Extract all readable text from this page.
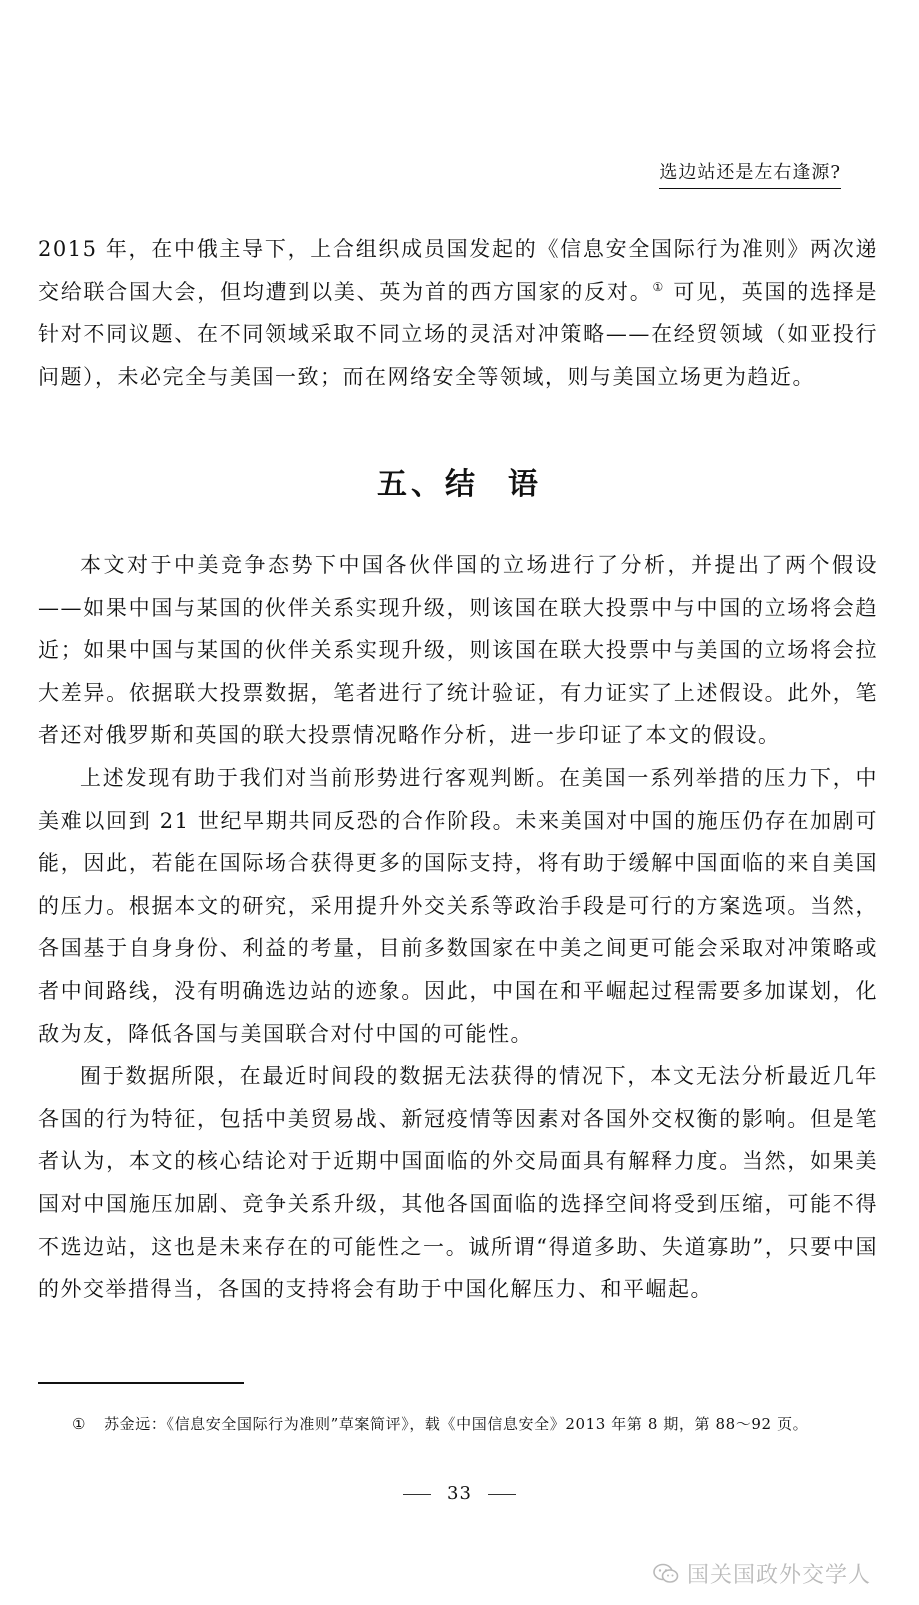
选边站还是左右逢源?

2015 年，在中俄主导下，上合组织成员国发起的《信息安全国际行为准则》两次递交给联合国大会，但均遭到以美、英为首的西方国家的反对。① 可见，英国的选择是针对不同议题、在不同领域采取不同立场的灵活对冲策略——在经贸领域（如亚投行问题），未必完全与美国一致；而在网络安全等领域，则与美国立场更为趋近。

五、结  语

本文对于中美竞争态势下中国各伙伴国的立场进行了分析，并提出了两个假设——如果中国与某国的伙伴关系实现升级，则该国在联大投票中与中国的立场将会趋近；如果中国与某国的伙伴关系实现升级，则该国在联大投票中与美国的立场将会拉大差异。依据联大投票数据，笔者进行了统计验证，有力证实了上述假设。此外，笔者还对俄罗斯和英国的联大投票情况略作分析，进一步印证了本文的假设。

上述发现有助于我们对当前形势进行客观判断。在美国一系列举措的压力下，中美难以回到 21 世纪早期共同反恐的合作阶段。未来美国对中国的施压仍存在加剧可能，因此，若能在国际场合获得更多的国际支持，将有助于缓解中国面临的来自美国的压力。根据本文的研究，采用提升外交关系等政治手段是可行的方案选项。当然，各国基于自身身份、利益的考量，目前多数国家在中美之间更可能会采取对冲策略或者中间路线，没有明确选边站的迹象。因此，中国在和平崛起过程需要多加谋划，化敌为友，降低各国与美国联合对付中国的可能性。

囿于数据所限，在最近时间段的数据无法获得的情况下，本文无法分析最近几年各国的行为特征，包括中美贸易战、新冠疫情等因素对各国外交权衡的影响。但是笔者认为，本文的核心结论对于近期中国面临的外交局面具有解释力度。当然，如果美国对中国施压加剧、竞争关系升级，其他各国面临的选择空间将受到压缩，可能不得不选边站，这也是未来存在的可能性之一。诚所谓“得道多助、失道寡助”，只要中国的外交举措得当，各国的支持将会有助于中国化解压力、和平崛起。

① 苏金远：《信息安全国际行为准则”草案简评》，载《中国信息安全》2013 年第 8 期，第 88～92 页。
33
国关国政外交学人
